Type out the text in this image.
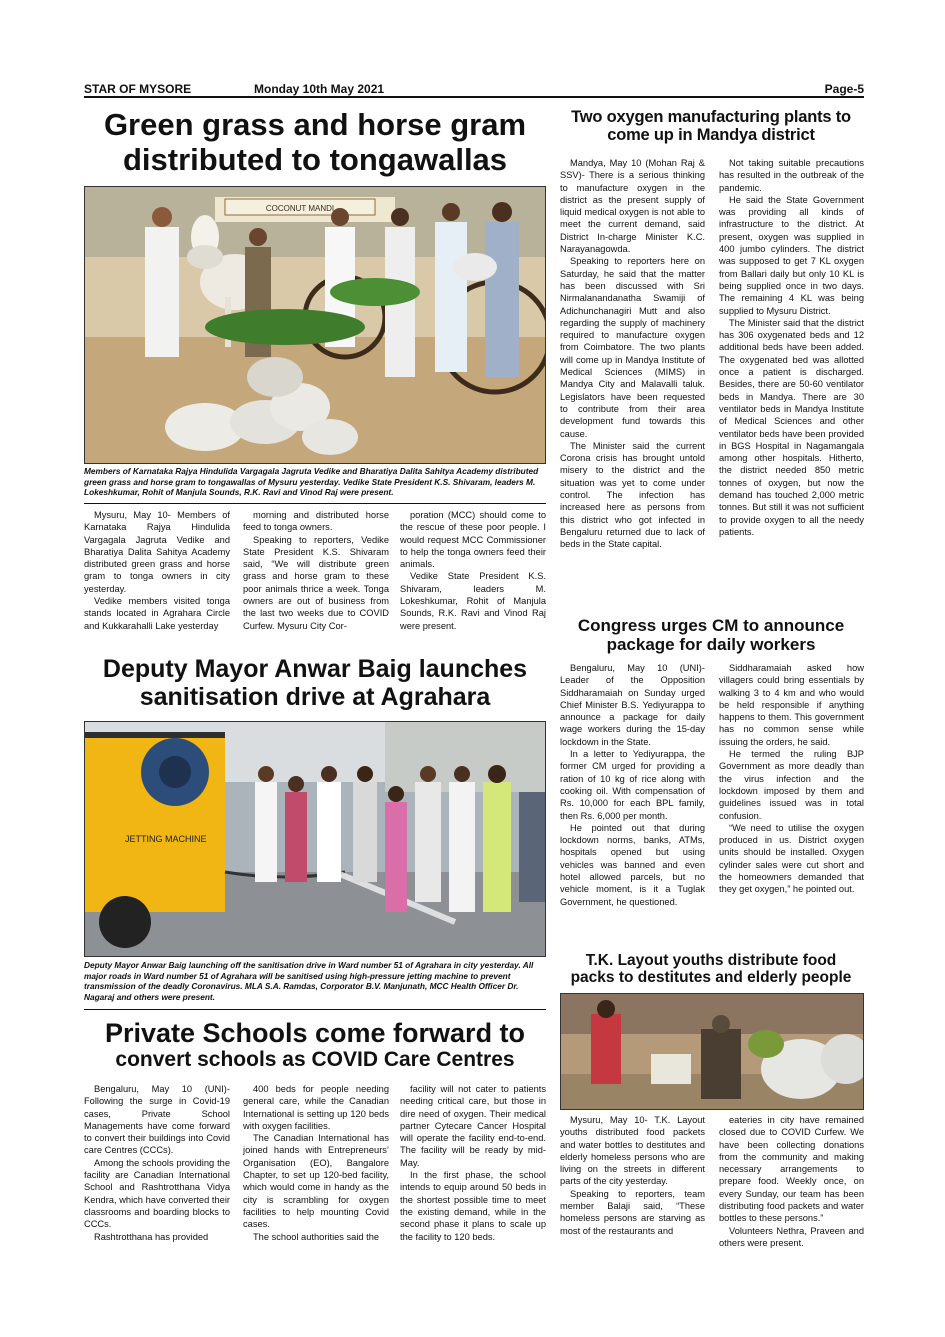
STAR OF MYSORE	Monday 10th May 2021	Page-5
Green grass and horse gram
distributed to tongawallas
COCONUT MANDI
Members of Karnataka Rajya Hindulida Vargagala Jagruta Vedike and Bharatiya Dalita Sahitya Academy distributed green grass and horse gram to tongawallas of Mysuru yesterday. Vedike State President K.S. Shivaram, leaders M. Lokeshkumar, Rohit of Manjula Sounds, R.K. Ravi and Vinod Raj were present.

Mysuru, May 10- Members of Karnataka Rajya Hindulida Vargagala Jagruta Vedike and Bharatiya Dalita Sahitya Academy distributed green grass and horse gram to tonga owners in city yesterday.

Vedike members visited tonga stands located in Agrahara Circle and Kukkarahalli Lake yesterday

morning and distributed horse feed to tonga owners.

Speaking to reporters, Vedike State President K.S. Shivaram said, “We will distribute green grass and horse gram to these poor animals thrice a week. Tonga owners are out of business from the last two weeks due to COVID Curfew. Mysuru City Cor-

poration (MCC) should come to the rescue of these poor people. I would request MCC Commissioner to help the tonga owners feed their animals.

Vedike State President K.S. Shivaram, leaders M. Lokeshkumar, Rohit of Manjula Sounds, R.K. Ravi and Vinod Raj were present.

Deputy Mayor Anwar Baig launches
sanitisation drive at Agrahara
JETTING MACHINE
Deputy Mayor Anwar Baig launching off the sanitisation drive in Ward number 51 of Agrahara in city yesterday. All major roads in Ward number 51 of Agrahara will be sanitised using high-pressure jetting machine to prevent transmission of the deadly Coronavirus. MLA S.A. Ramdas, Corporator B.V. Manjunath, MCC Health Officer Dr. Nagaraj and others were present.
Private Schools come forward to
convert schools as COVID Care Centres

Bengaluru, May 10 (UNI)- Following the surge in Covid-19 cases, Private School Managements have come forward to convert their buildings into Covid care Centres (CCCs).

Among the schools providing the facility are Canadian International School and Rashtrotthana Vidya Kendra, which have converted their classrooms and boarding blocks to CCCs.

Rashtrotthana has provided

400 beds for people needing general care, while the Canadian International is setting up 120 beds with oxygen facilities.

The Canadian International has joined hands with Entrepreneurs’ Organisation (EO), Bangalore Chapter, to set up 120-bed facility, which would come in handy as the city is scrambling for oxygen facilities to help mounting Covid cases.

The school authorities said the

facility will not cater to patients needing critical care, but those in dire need of oxygen. Their medical partner Cytecare Cancer Hospital will operate the facility end-to-end. The facility will be ready by mid-May.

In the first phase, the school intends to equip around 50 beds in the shortest possible time to meet the existing demand, while in the second phase it plans to scale up the facility to 120 beds.

Two oxygen manufacturing plants to
come up in Mandya district

Mandya, May 10 (Mohan Raj & SSV)- There is a serious thinking to manufacture oxygen in the district as the present supply of liquid medical oxygen is not able to meet the current demand, said District In-charge Minister K.C. Narayanagowda.

Speaking to reporters here on Saturday, he said that the matter has been discussed with Sri Nirmalanandanatha Swamiji of Adichunchanagiri Mutt and also regarding the supply of machinery required to manufacture oxygen from Coimbatore. The two plants will come up in Mandya Institute of Medical Sciences (MIMS) in Mandya City and Malavalli taluk. Legislators have been requested to contribute from their area development fund towards this cause.

The Minister said the current Corona crisis has brought untold misery to the district and the situation was yet to come under control. The infection has increased here as persons from this district who got infected in Bengaluru returned due to lack of beds in the State capital.

Not taking suitable precautions has resulted in the outbreak of the pandemic.

He said the State Government was providing all kinds of infrastructure to the district. At present, oxygen was supplied in 400 jumbo cylinders. The district was supposed to get 7 KL oxygen from Ballari daily but only 10 KL is being supplied once in two days. The remaining 4 KL was being supplied to Mysuru District.

The Minister said that the district has 306 oxygenated beds and 12 additional beds have been added. The oxygenated bed was allotted once a patient is discharged. Besides, there are 50-60 ventilator beds in Mandya. There are 30 ventilator beds in Mandya Institute of Medical Sciences and other ventilator beds have been provided in BGS Hospital in Nagamangala among other hospitals. Hitherto, the district needed 850 metric tonnes of oxygen, but now the demand has touched 2,000 metric tonnes. But still it was not sufficient to provide oxygen to all the needy patients.

Congress urges CM to announce
package for daily workers

Bengaluru, May 10 (UNI)- Leader of the Opposition Siddharamaiah on Sunday urged Chief Minister B.S. Yediyurappa to announce a package for daily wage workers during the 15-day lockdown in the State.

In a letter to Yediyurappa, the former CM urged for providing a ration of 10 kg of rice along with cooking oil. With compensation of Rs. 10,000 for each BPL family, then Rs. 6,000 per month.

He pointed out that during lockdown norms, banks, ATMs, hospitals opened but using vehicles was banned and even hotel allowed parcels, but no vehicle moment, is it a Tuglak Government, he questioned.

Siddharamaiah asked how villagers could bring essentials by walking 3 to 4 km and who would be held responsible if anything happens to them. This government has no common sense while issuing the orders, he said.

He termed the ruling BJP Government as more deadly than the virus infection and the lockdown imposed by them and guidelines issued was in total confusion.

“We need to utilise the oxygen produced in us. District oxygen units should be installed. Oxygen cylinder sales were cut short and the homeowners demanded that they get oxygen,” he pointed out.

T.K. Layout youths distribute food
packs to destitutes and elderly people

Mysuru, May 10- T.K. Layout youths distributed food packets and water bottles to destitutes and elderly homeless persons who are living on the streets in different parts of the city yesterday.

Speaking to reporters, team member Balaji said, “These homeless persons are starving as most of the restaurants and

eateries in city have remained closed due to COVID Curfew. We have been collecting donations from the community and making necessary arrangements to prepare food. Weekly once, on every Sunday, our team has been distributing food packets and water bottles to these persons.”

Volunteers Nethra, Praveen and others were present.
